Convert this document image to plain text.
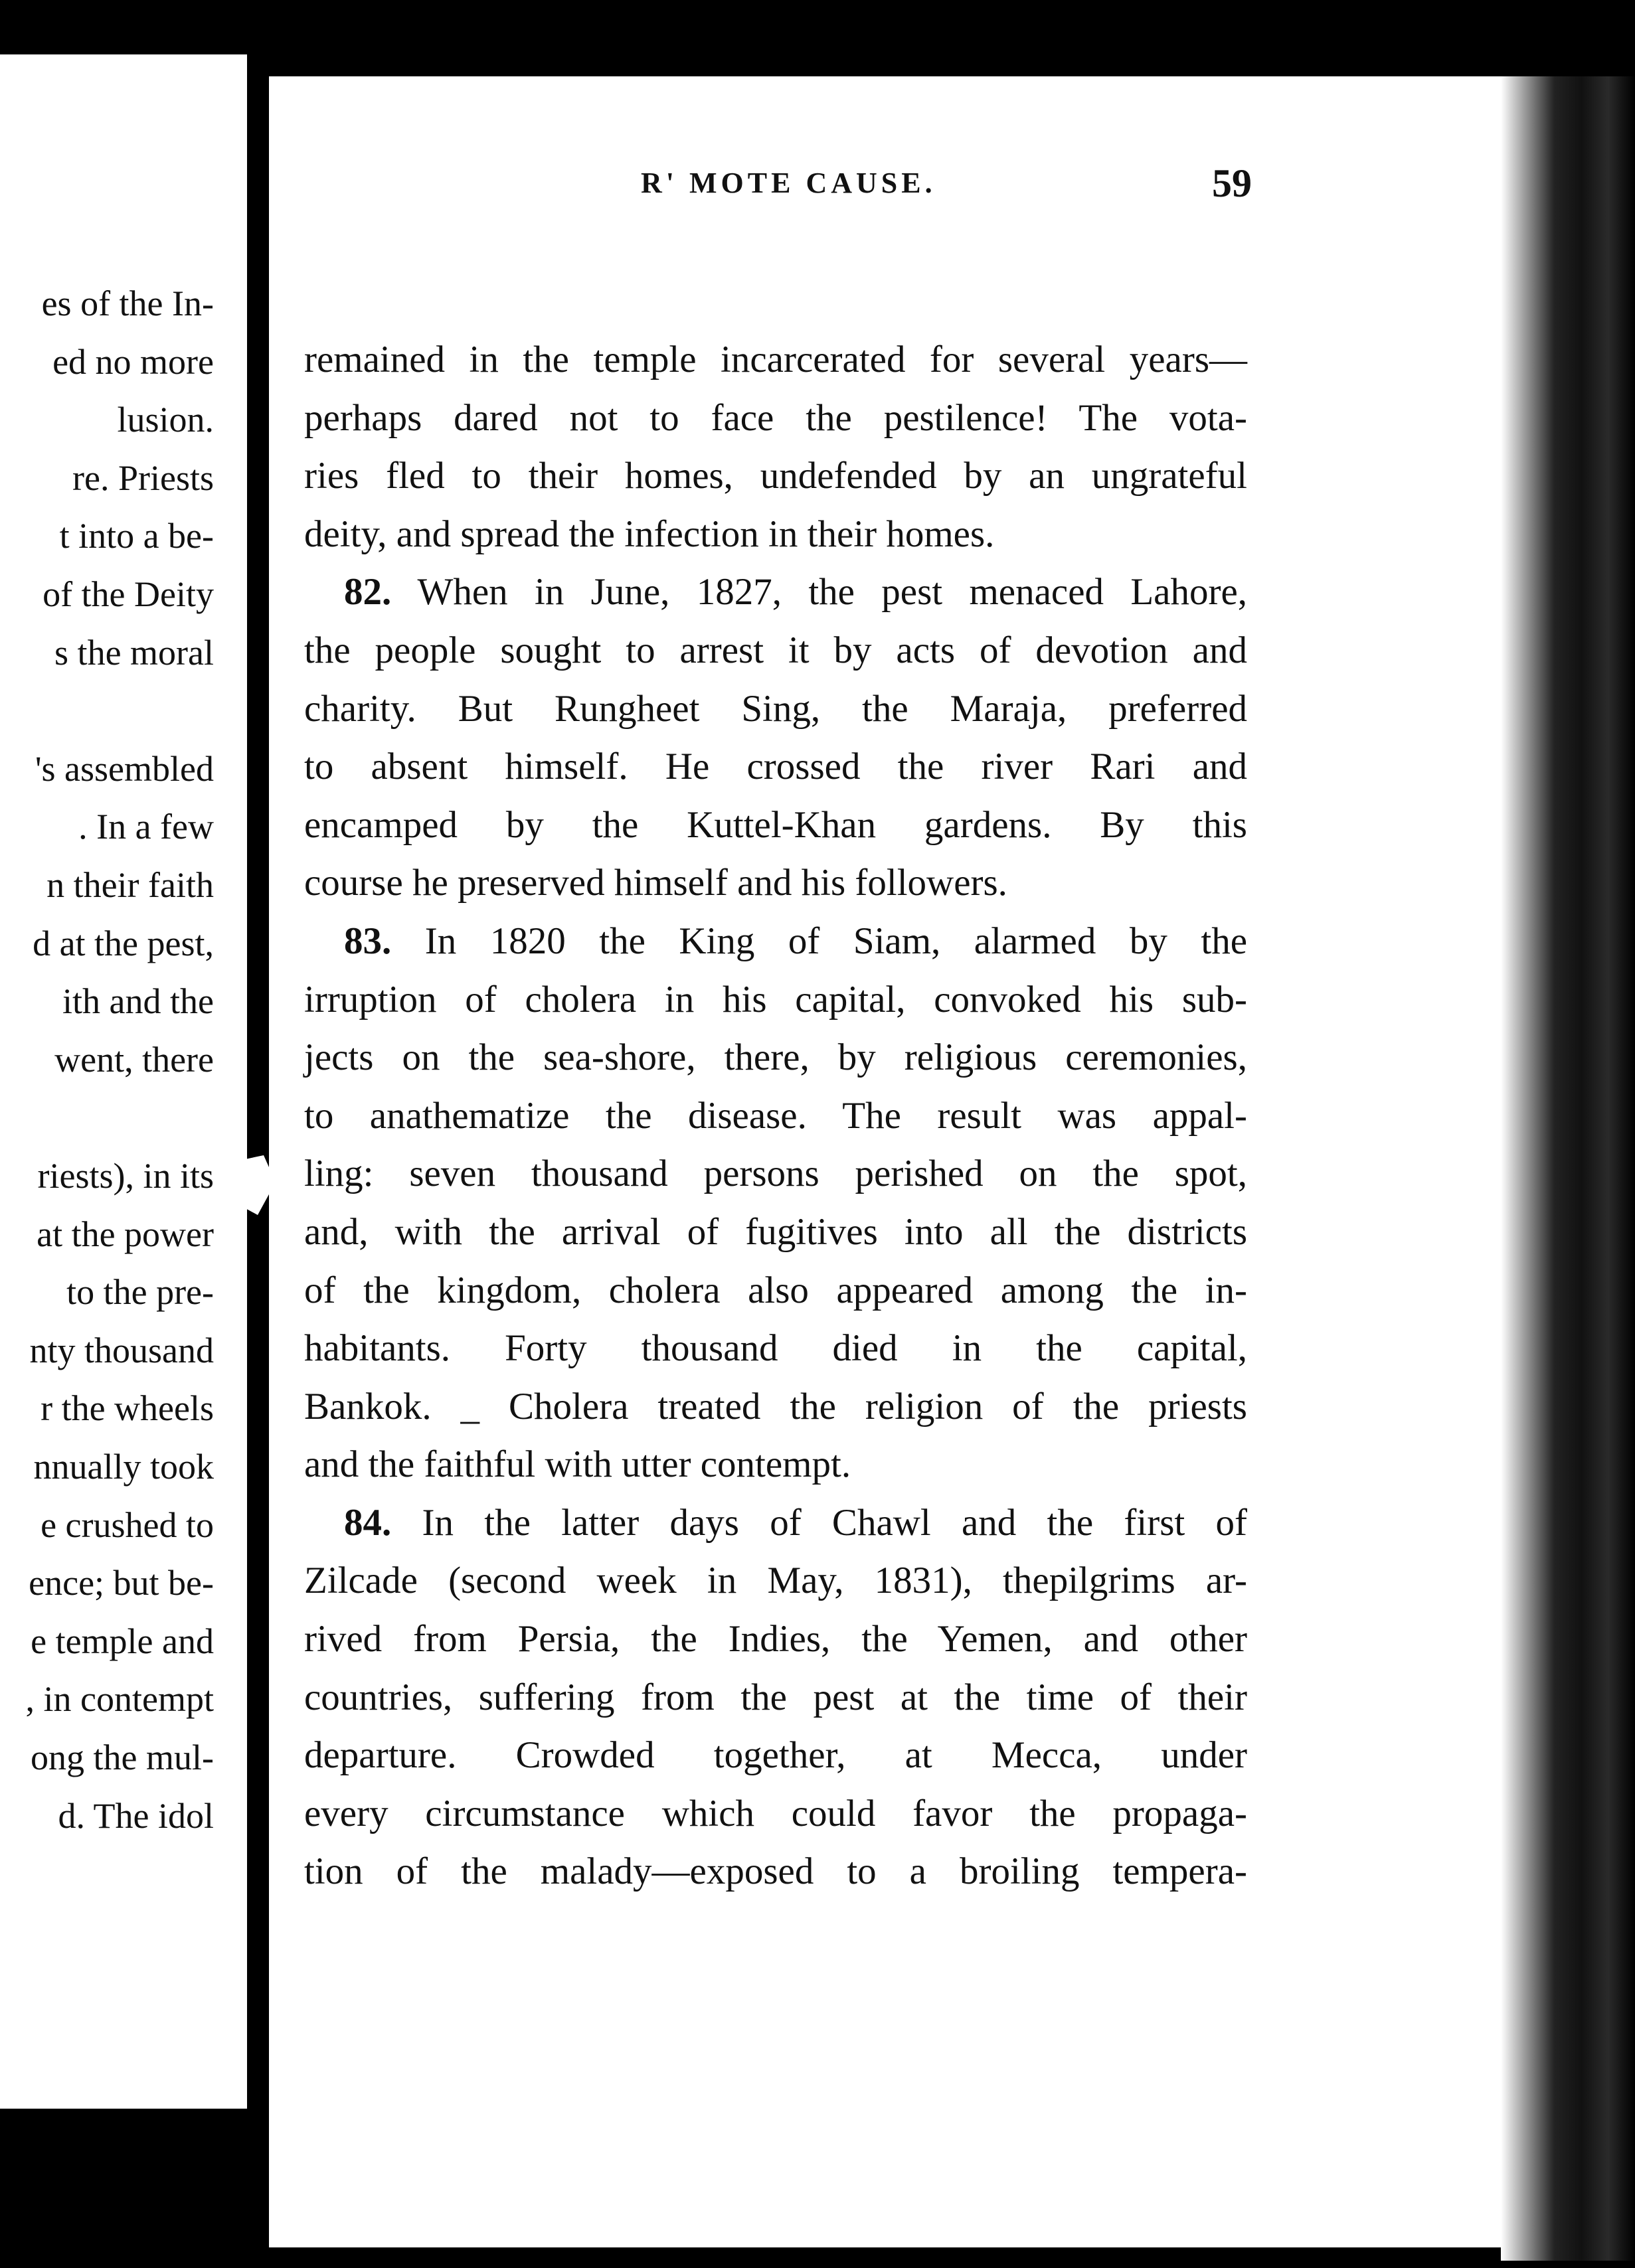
es of the In-
ed no more
lusion.
re. Priests
t into a be-
of the Deity
s the moral
's assembled
. In a few
n their faith
d at the pest,
ith and the
went, there
riests), in its
at the power
to the pre-
nty thousand
r the wheels
nnually took
e crushed to
ence; but be-
e temple and
, in contempt
ong the mul-
d. The idol
R' MOTE CAUSE.	59
remained in the temple incarcerated for several years—
perhaps dared not to face the pestilence! The vota-
ries fled to their homes, undefended by an ungrateful
deity, and spread the infection in their homes.
82. When in June, 1827, the pest menaced Lahore,
the people sought to arrest it by acts of devotion and
charity. But Rungheet Sing, the Maraja, preferred
to absent himself. He crossed the river Rari and
encamped by the Kuttel-Khan gardens. By this
course he preserved himself and his followers.
83. In 1820 the King of Siam, alarmed by the
irruption of cholera in his capital, convoked his sub-
jects on the sea-shore, there, by religious ceremonies,
to anathematize the disease. The result was appal-
ling: seven thousand persons perished on the spot,
and, with the arrival of fugitives into all the districts
of the kingdom, cholera also appeared among the in-
habitants. Forty thousand died in the capital,
Bankok. _ Cholera treated the religion of the priests
and the faithful with utter contempt.
84. In the latter days of Chawl and the first of
Zilcade (second week in May, 1831), thepilgrims ar-
rived from Persia, the Indies, the Yemen, and other
countries, suffering from the pest at the time of their
departure. Crowded together, at Mecca, under
every circumstance which could favor the propaga-
tion of the malady—exposed to a broiling tempera-
